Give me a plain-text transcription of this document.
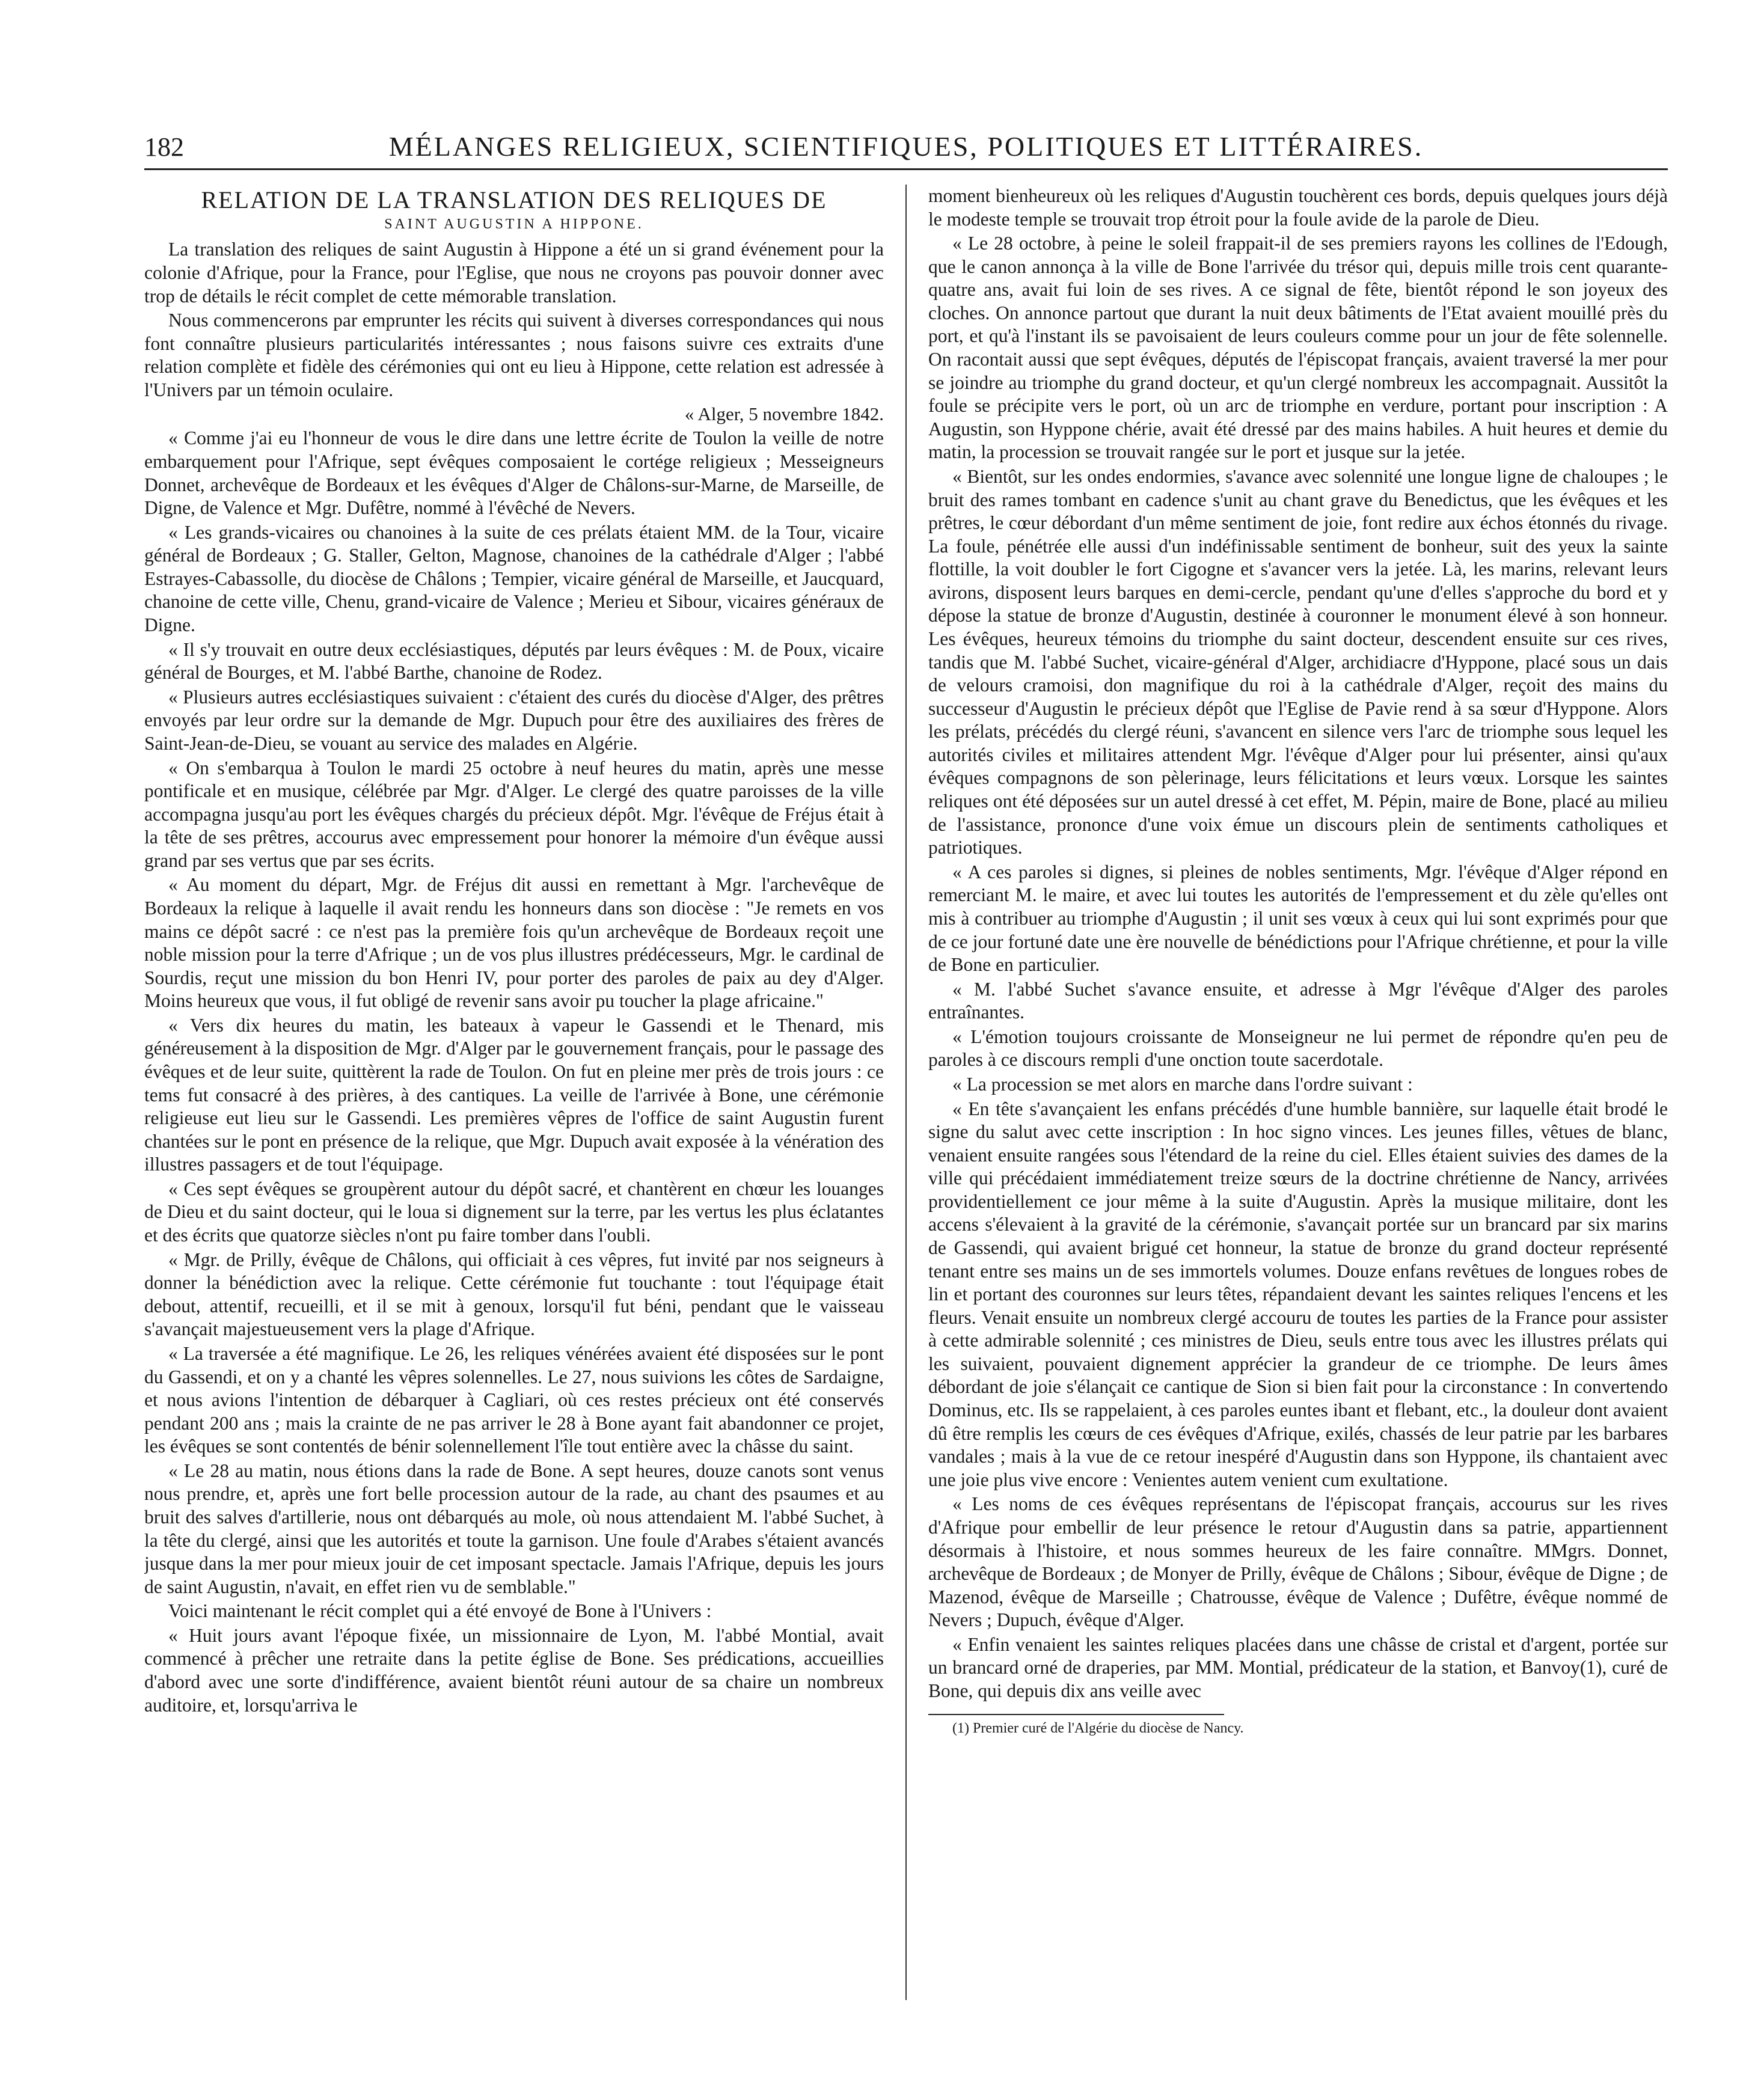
182	MÉLANGES RELIGIEUX, SCIENTIFIQUES, POLITIQUES ET LITTÉRAIRES.
RELATION DE LA TRANSLATION DES RELIQUES DE
SAINT AUGUSTIN A HIPPONE.

La translation des reliques de saint Augustin à Hippone a été un si grand événement pour la colonie d'Afrique, pour la France, pour l'Eglise, que nous ne croyons pas pouvoir donner avec trop de détails le récit complet de cette mémorable translation.

Nous commencerons par emprunter les récits qui suivent à diverses correspondances qui nous font connaître plusieurs particularités intéressantes ; nous faisons suivre ces extraits d'une relation complète et fidèle des cérémonies qui ont eu lieu à Hippone, cette relation est adressée à l'Univers par un témoin oculaire.

« Alger, 5 novembre 1842.

« Comme j'ai eu l'honneur de vous le dire dans une lettre écrite de Toulon la veille de notre embarquement pour l'Afrique, sept évêques composaient le cortége religieux ; Messeigneurs Donnet, archevêque de Bordeaux et les évêques d'Alger de Châlons-sur-Marne, de Marseille, de Digne, de Valence et Mgr. Dufêtre, nommé à l'évêché de Nevers.

« Les grands-vicaires ou chanoines à la suite de ces prélats étaient MM. de la Tour, vicaire général de Bordeaux ; G. Staller, Gelton, Magnose, chanoines de la cathédrale d'Alger ; l'abbé Estrayes-Cabassolle, du diocèse de Châlons ; Tempier, vicaire général de Marseille, et Jaucquard, chanoine de cette ville, Chenu, grand-vicaire de Valence ; Merieu et Sibour, vicaires généraux de Digne.

« Il s'y trouvait en outre deux ecclésiastiques, députés par leurs évêques : M. de Poux, vicaire général de Bourges, et M. l'abbé Barthe, chanoine de Rodez.

« Plusieurs autres ecclésiastiques suivaient : c'étaient des curés du diocèse d'Alger, des prêtres envoyés par leur ordre sur la demande de Mgr. Dupuch pour être des auxiliaires des frères de Saint-Jean-de-Dieu, se vouant au service des malades en Algérie.

« On s'embarqua à Toulon le mardi 25 octobre à neuf heures du matin, après une messe pontificale et en musique, célébrée par Mgr. d'Alger. Le clergé des quatre paroisses de la ville accompagna jusqu'au port les évêques chargés du précieux dépôt. Mgr. l'évêque de Fréjus était à la tête de ses prêtres, accourus avec empressement pour honorer la mémoire d'un évêque aussi grand par ses vertus que par ses écrits.

« Au moment du départ, Mgr. de Fréjus dit aussi en remettant à Mgr. l'archevêque de Bordeaux la relique à laquelle il avait rendu les honneurs dans son diocèse : "Je remets en vos mains ce dépôt sacré : ce n'est pas la première fois qu'un archevêque de Bordeaux reçoit une noble mission pour la terre d'Afrique ; un de vos plus illustres prédécesseurs, Mgr. le cardinal de Sourdis, reçut une mission du bon Henri IV, pour porter des paroles de paix au dey d'Alger. Moins heureux que vous, il fut obligé de revenir sans avoir pu toucher la plage africaine."

« Vers dix heures du matin, les bateaux à vapeur le Gassendi et le Thenard, mis généreusement à la disposition de Mgr. d'Alger par le gouvernement français, pour le passage des évêques et de leur suite, quittèrent la rade de Toulon. On fut en pleine mer près de trois jours : ce tems fut consacré à des prières, à des cantiques. La veille de l'arrivée à Bone, une cérémonie religieuse eut lieu sur le Gassendi. Les premières vêpres de l'office de saint Augustin furent chantées sur le pont en présence de la relique, que Mgr. Dupuch avait exposée à la vénération des illustres passagers et de tout l'équipage.

« Ces sept évêques se groupèrent autour du dépôt sacré, et chantèrent en chœur les louanges de Dieu et du saint docteur, qui le loua si dignement sur la terre, par les vertus les plus éclatantes et des écrits que quatorze siècles n'ont pu faire tomber dans l'oubli.

« Mgr. de Prilly, évêque de Châlons, qui officiait à ces vêpres, fut invité par nos seigneurs à donner la bénédiction avec la relique. Cette cérémonie fut touchante : tout l'équipage était debout, attentif, recueilli, et il se mit à genoux, lorsqu'il fut béni, pendant que le vaisseau s'avançait majestueusement vers la plage d'Afrique.

« La traversée a été magnifique. Le 26, les reliques vénérées avaient été disposées sur le pont du Gassendi, et on y a chanté les vêpres solennelles. Le 27, nous suivions les côtes de Sardaigne, et nous avions l'intention de débarquer à Cagliari, où ces restes précieux ont été conservés pendant 200 ans ; mais la crainte de ne pas arriver le 28 à Bone ayant fait abandonner ce projet, les évêques se sont contentés de bénir solennellement l'île tout entière avec la châsse du saint.

« Le 28 au matin, nous étions dans la rade de Bone. A sept heures, douze canots sont venus nous prendre, et, après une fort belle procession autour de la rade, au chant des psaumes et au bruit des salves d'artillerie, nous ont débarqués au mole, où nous attendaient M. l'abbé Suchet, à la tête du clergé, ainsi que les autorités et toute la garnison. Une foule d'Arabes s'étaient avancés jusque dans la mer pour mieux jouir de cet imposant spectacle. Jamais l'Afrique, depuis les jours de saint Augustin, n'avait, en effet rien vu de semblable."

Voici maintenant le récit complet qui a été envoyé de Bone à l'Univers :

« Huit jours avant l'époque fixée, un missionnaire de Lyon, M. l'abbé Montial, avait commencé à prêcher une retraite dans la petite église de Bone. Ses prédications, accueillies d'abord avec une sorte d'indifférence, avaient bientôt réuni autour de sa chaire un nombreux auditoire, et, lorsqu'arriva le

moment bienheureux où les reliques d'Augustin touchèrent ces bords, depuis quelques jours déjà le modeste temple se trouvait trop étroit pour la foule avide de la parole de Dieu.

« Le 28 octobre, à peine le soleil frappait-il de ses premiers rayons les collines de l'Edough, que le canon annonça à la ville de Bone l'arrivée du trésor qui, depuis mille trois cent quarante-quatre ans, avait fui loin de ses rives. A ce signal de fête, bientôt répond le son joyeux des cloches. On annonce partout que durant la nuit deux bâtiments de l'Etat avaient mouillé près du port, et qu'à l'instant ils se pavoisaient de leurs couleurs comme pour un jour de fête solennelle. On racontait aussi que sept évêques, députés de l'épiscopat français, avaient traversé la mer pour se joindre au triomphe du grand docteur, et qu'un clergé nombreux les accompagnait. Aussitôt la foule se précipite vers le port, où un arc de triomphe en verdure, portant pour inscription : A Augustin, son Hyppone chérie, avait été dressé par des mains habiles. A huit heures et demie du matin, la procession se trouvait rangée sur le port et jusque sur la jetée.

« Bientôt, sur les ondes endormies, s'avance avec solennité une longue ligne de chaloupes ; le bruit des rames tombant en cadence s'unit au chant grave du Benedictus, que les évêques et les prêtres, le cœur débordant d'un même sentiment de joie, font redire aux échos étonnés du rivage. La foule, pénétrée elle aussi d'un indéfinissable sentiment de bonheur, suit des yeux la sainte flottille, la voit doubler le fort Cigogne et s'avancer vers la jetée. Là, les marins, relevant leurs avirons, disposent leurs barques en demi-cercle, pendant qu'une d'elles s'approche du bord et y dépose la statue de bronze d'Augustin, destinée à couronner le monument élevé à son honneur. Les évêques, heureux témoins du triomphe du saint docteur, descendent ensuite sur ces rives, tandis que M. l'abbé Suchet, vicaire-général d'Alger, archidiacre d'Hyppone, placé sous un dais de velours cramoisi, don magnifique du roi à la cathédrale d'Alger, reçoit des mains du successeur d'Augustin le précieux dépôt que l'Eglise de Pavie rend à sa sœur d'Hyppone. Alors les prélats, précédés du clergé réuni, s'avancent en silence vers l'arc de triomphe sous lequel les autorités civiles et militaires attendent Mgr. l'évêque d'Alger pour lui présenter, ainsi qu'aux évêques compagnons de son pèlerinage, leurs félicitations et leurs vœux. Lorsque les saintes reliques ont été déposées sur un autel dressé à cet effet, M. Pépin, maire de Bone, placé au milieu de l'assistance, prononce d'une voix émue un discours plein de sentiments catholiques et patriotiques.

« A ces paroles si dignes, si pleines de nobles sentiments, Mgr. l'évêque d'Alger répond en remerciant M. le maire, et avec lui toutes les autorités de l'empressement et du zèle qu'elles ont mis à contribuer au triomphe d'Augustin ; il unit ses vœux à ceux qui lui sont exprimés pour que de ce jour fortuné date une ère nouvelle de bénédictions pour l'Afrique chrétienne, et pour la ville de Bone en particulier.

« M. l'abbé Suchet s'avance ensuite, et adresse à Mgr l'évêque d'Alger des paroles entraînantes.

« L'émotion toujours croissante de Monseigneur ne lui permet de répondre qu'en peu de paroles à ce discours rempli d'une onction toute sacerdotale.

« La procession se met alors en marche dans l'ordre suivant :

« En tête s'avançaient les enfans précédés d'une humble bannière, sur laquelle était brodé le signe du salut avec cette inscription : In hoc signo vinces. Les jeunes filles, vêtues de blanc, venaient ensuite rangées sous l'étendard de la reine du ciel. Elles étaient suivies des dames de la ville qui précédaient immédiatement treize sœurs de la doctrine chrétienne de Nancy, arrivées providentiellement ce jour même à la suite d'Augustin. Après la musique militaire, dont les accens s'élevaient à la gravité de la cérémonie, s'avançait portée sur un brancard par six marins de Gassendi, qui avaient brigué cet honneur, la statue de bronze du grand docteur représenté tenant entre ses mains un de ses immortels volumes. Douze enfans revêtues de longues robes de lin et portant des couronnes sur leurs têtes, répandaient devant les saintes reliques l'encens et les fleurs. Venait ensuite un nombreux clergé accouru de toutes les parties de la France pour assister à cette admirable solennité ; ces ministres de Dieu, seuls entre tous avec les illustres prélats qui les suivaient, pouvaient dignement apprécier la grandeur de ce triomphe. De leurs âmes débordant de joie s'élançait ce cantique de Sion si bien fait pour la circonstance : In convertendo Dominus, etc. Ils se rappelaient, à ces paroles euntes ibant et flebant, etc., la douleur dont avaient dû être remplis les cœurs de ces évêques d'Afrique, exilés, chassés de leur patrie par les barbares vandales ; mais à la vue de ce retour inespéré d'Augustin dans son Hyppone, ils chantaient avec une joie plus vive encore : Venientes autem venient cum exultatione.

« Les noms de ces évêques représentans de l'épiscopat français, accourus sur les rives d'Afrique pour embellir de leur présence le retour d'Augustin dans sa patrie, appartiennent désormais à l'histoire, et nous sommes heureux de les faire connaître. MMgrs. Donnet, archevêque de Bordeaux ; de Monyer de Prilly, évêque de Châlons ; Sibour, évêque de Digne ; de Mazenod, évêque de Marseille ; Chatrousse, évêque de Valence ; Dufêtre, évêque nommé de Nevers ; Dupuch, évêque d'Alger.

« Enfin venaient les saintes reliques placées dans une châsse de cristal et d'argent, portée sur un brancard orné de draperies, par MM. Montial, prédicateur de la station, et Banvoy(1), curé de Bone, qui depuis dix ans veille avec

(1) Premier curé de l'Algérie du diocèse de Nancy.
